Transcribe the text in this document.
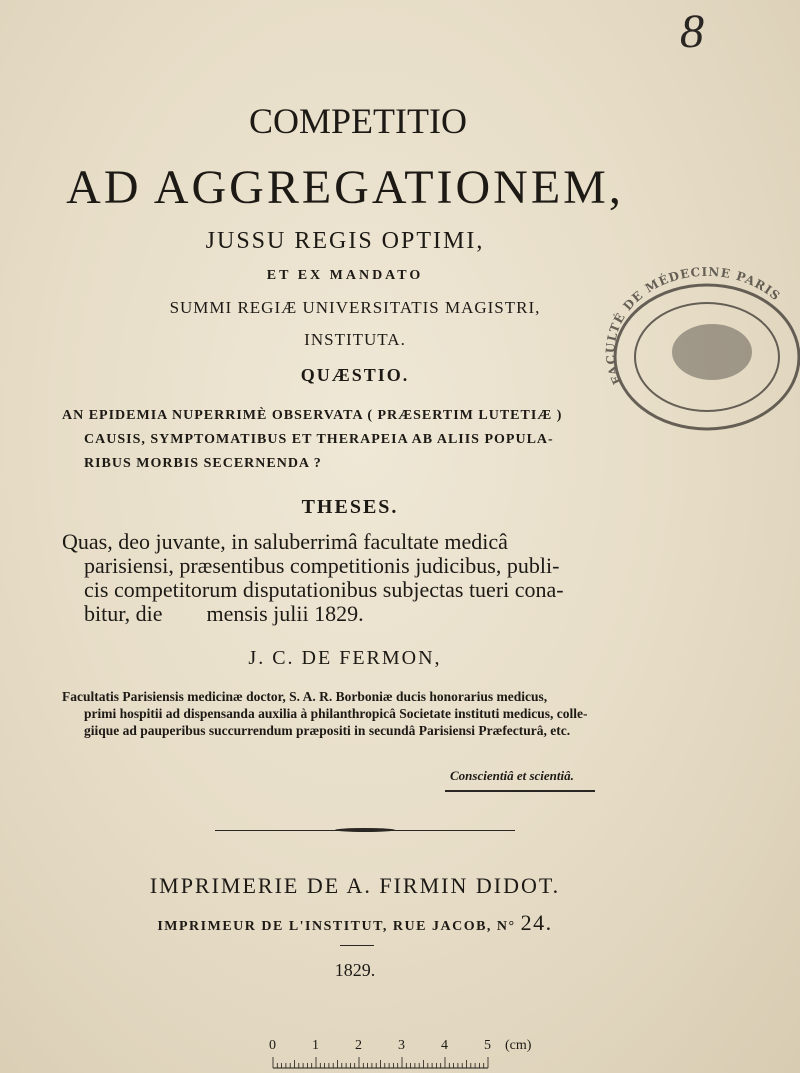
8
COMPETITIO
AD AGGREGATIONEM,
JUSSU REGIS OPTIMI,
ET EX MANDATO
SUMMI REGIÆ UNIVERSITATIS MAGISTRI,
INSTITUTA.
QUÆSTIO.
AN EPIDEMIA NUPERRIMÈ OBSERVATA ( PRÆSERTIM LUTETIÆ )
CAUSIS, SYMPTOMATIBUS ET THERAPEIA AB ALIIS POPULA-
RIBUS MORBIS SECERNENDA ?
THESES.
Quas, deo juvante, in saluberrimâ facultate medicâ
parisiensi, præsentibus competitionis judicibus, publi-
cis competitorum disputationibus subjectas tueri cona-
bitur, die        mensis julii 1829.
J. C. DE FERMON,
Facultatis Parisiensis medicinæ doctor, S. A. R. Borboniæ ducis honorarius medicus,
primi hospitii ad dispensanda auxilia à philanthropicâ Societate instituti medicus, colle-
giique ad pauperibus succurrendum præpositi in secundâ Parisiensi Præfecturâ, etc.
Conscientiâ et scientiâ.
IMPRIMERIE DE A. FIRMIN DIDOT.
IMPRIMEUR DE L'INSTITUT, RUE JACOB, N° 24.
1829.
FACULTÉ DE MÉDECINE PARIS
0	1	2	3	4	5 (cm)
